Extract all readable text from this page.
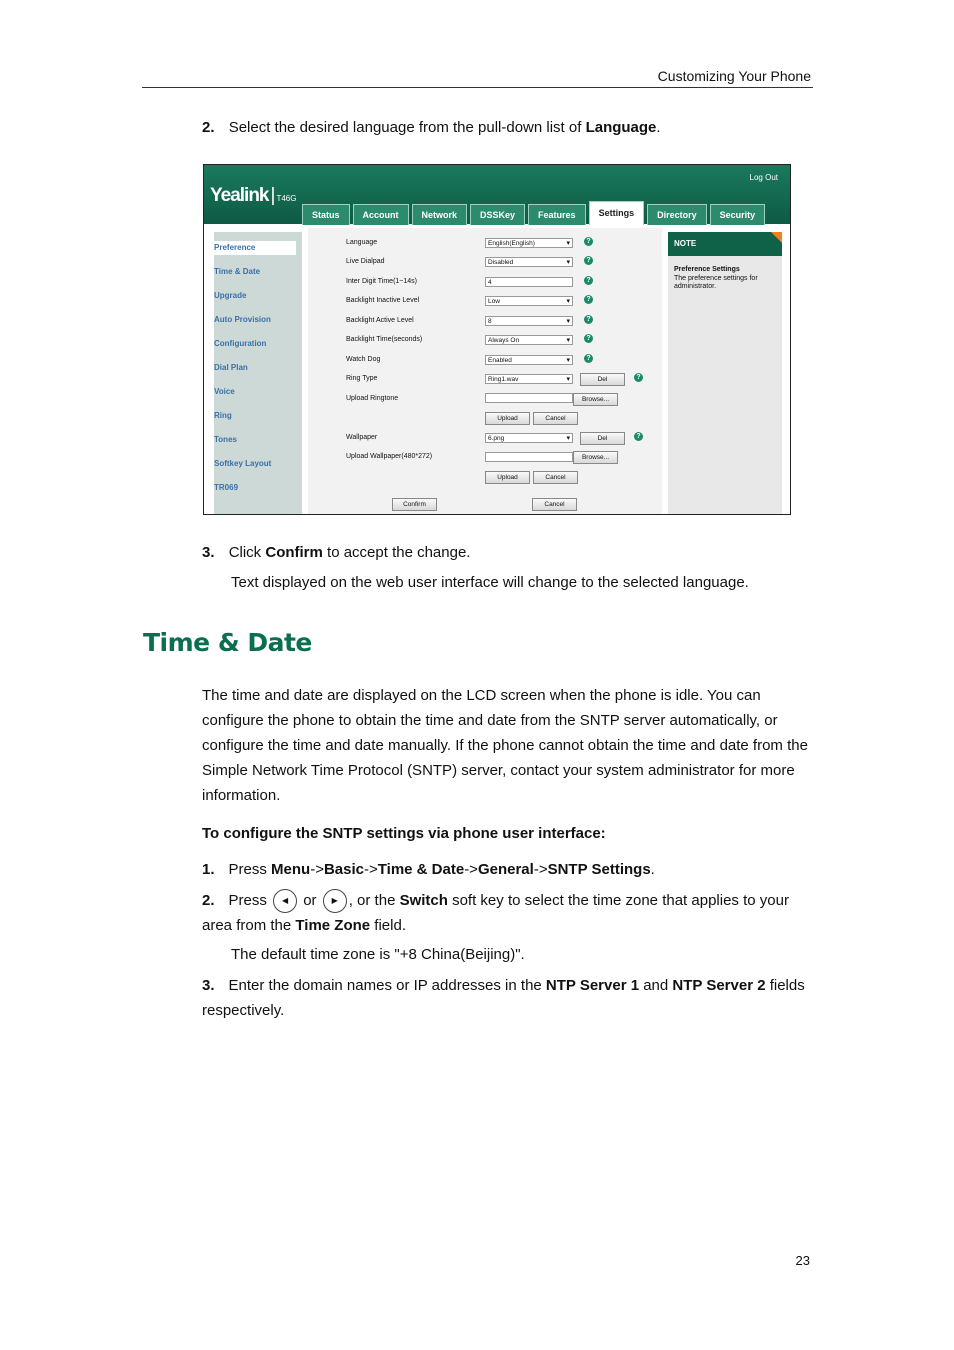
Customizing Your Phone
2. Select the desired language from the pull-down list of Language.
Yealink | T46G
Log Out
Status	Account	Network	DSSKey	Features	Settings	Directory	Security
Preference
Time & Date
Upgrade
Auto Provision
Configuration
Dial Plan
Voice
Ring
Tones
Softkey Layout
TR069
Language	English(English) ▾	?
Live Dialpad	Disabled ▾	?
Inter Digit Time(1~14s)	4	?
Backlight Inactive Level	Low ▾	?
Backlight Active Level	8 ▾	?
Backlight Time(seconds)	Always On ▾	?
Watch Dog	Enabled ▾	?
Ring Type	Ring1.wav ▾	Del	?
Upload Ringtone	Browse...
Upload	Cancel
Wallpaper	6.png ▾	Del	?
Upload Wallpaper(480*272)	Browse...
Upload	Cancel
Confirm	Cancel
NOTE
Preference Settings
The preference settings for administrator.
3. Click Confirm to accept the change.
Text displayed on the web user interface will change to the selected language.
Time & Date
The time and date are displayed on the LCD screen when the phone is idle. You can configure the phone to obtain the time and date from the SNTP server automatically, or configure the time and date manually. If the phone cannot obtain the time and date from the Simple Network Time Protocol (SNTP) server, contact your system administrator for more information.
To configure the SNTP settings via phone user interface:
1. Press Menu->Basic->Time & Date->General->SNTP Settings.
2. Press ◀ or ▶ , or the Switch soft key to select the time zone that applies to your area from the Time Zone field.
The default time zone is "+8 China(Beijing)".
3. Enter the domain names or IP addresses in the NTP Server 1 and NTP Server 2 fields respectively.
23
